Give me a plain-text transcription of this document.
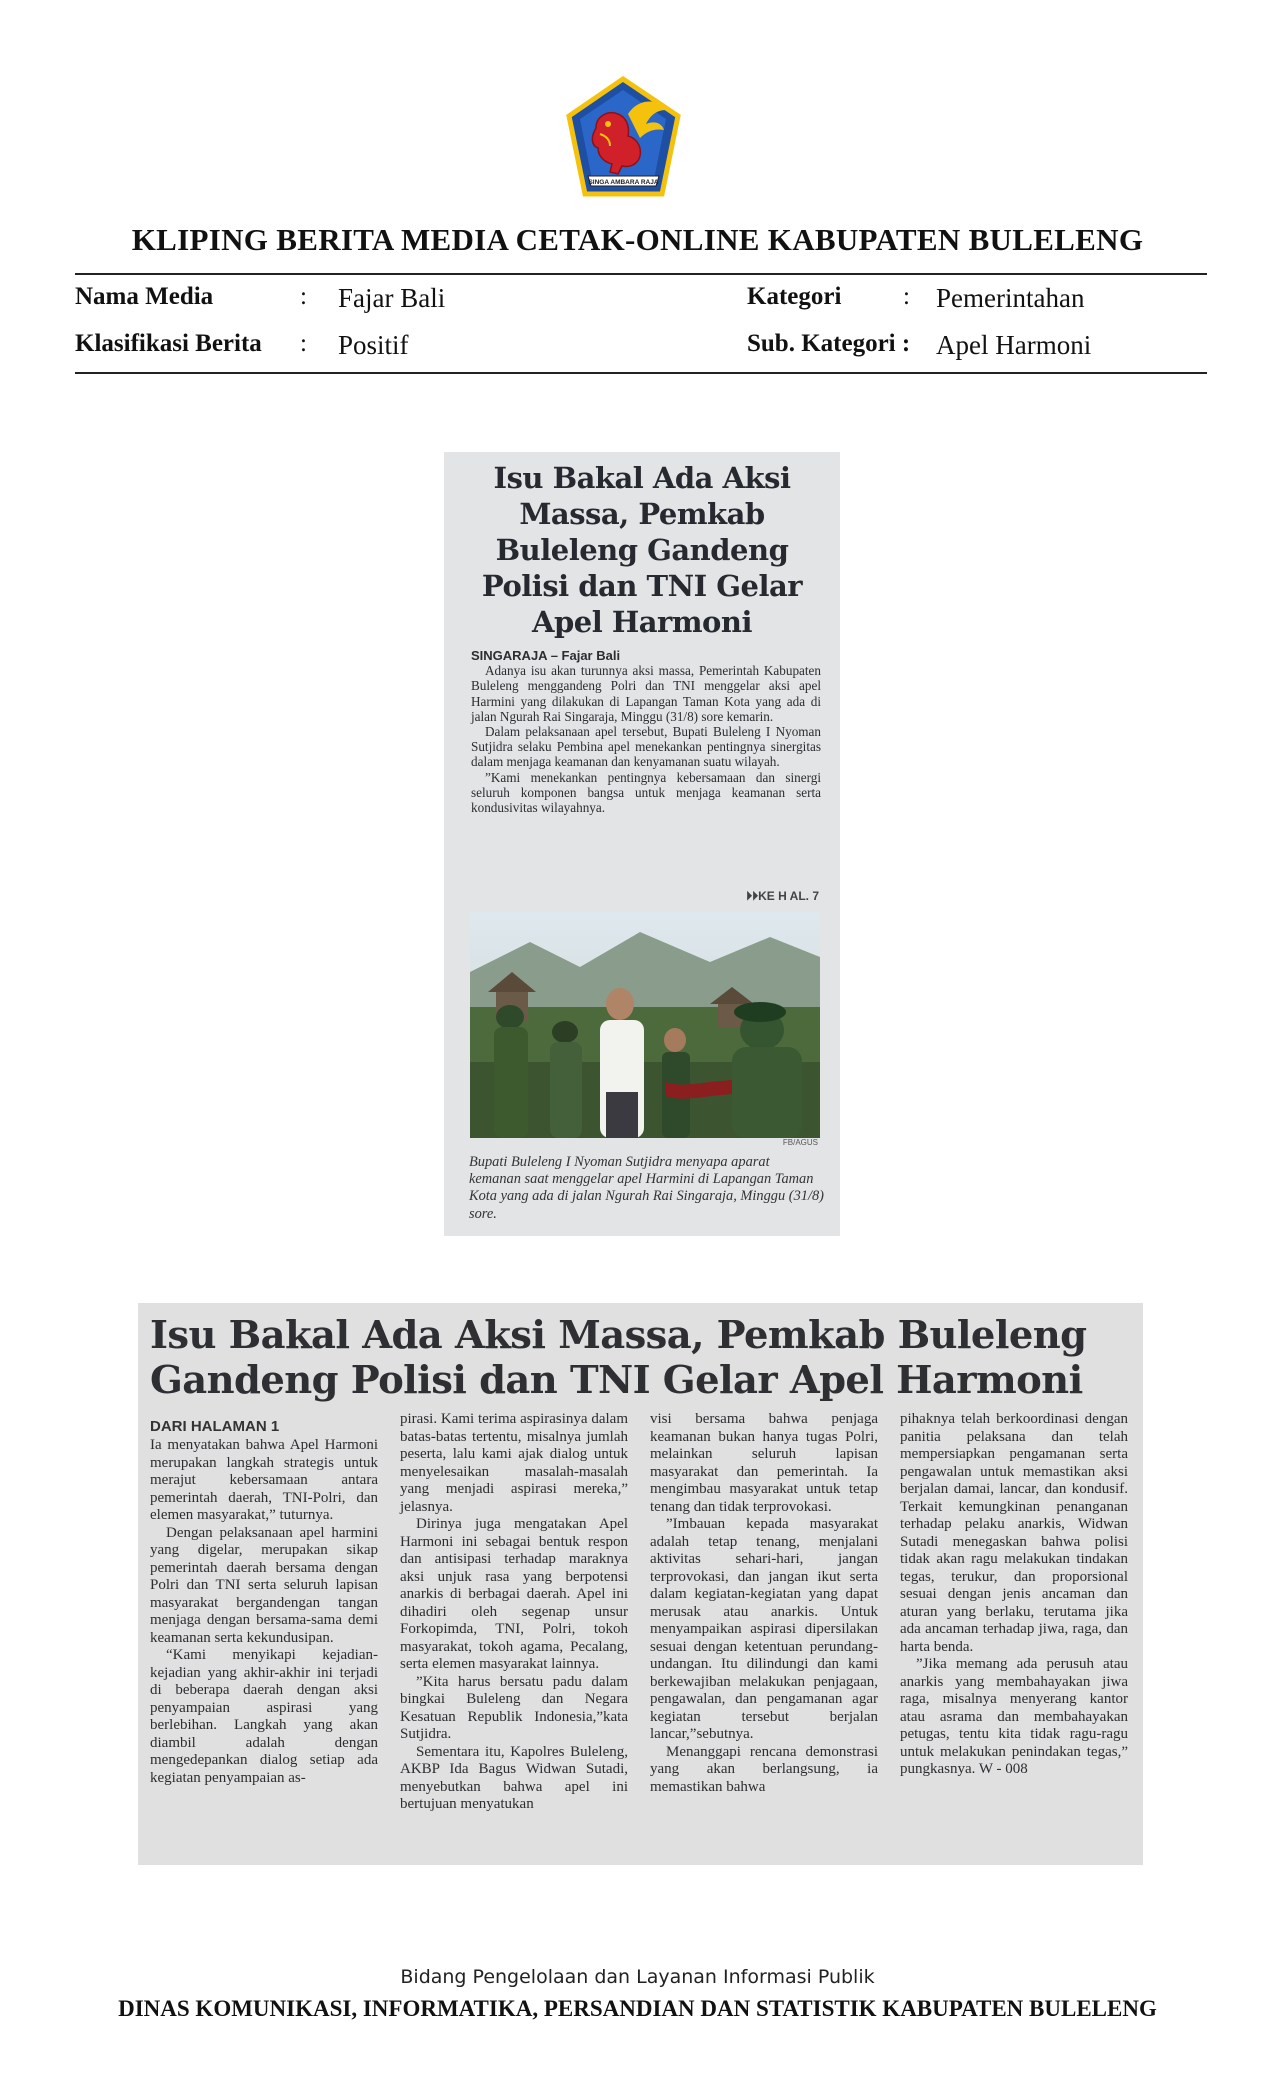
SINGA AMBARA RAJA
KLIPING BERITA MEDIA CETAK-ONLINE KABUPATEN BULELENG
Nama Media	: Fajar Bali	Kategori : Pemerintahan
Klasifikasi Berita : Positif	Sub. Kategori : Apel Harmoni
Isu Bakal Ada Aksi
Massa, Pemkab
Buleleng Gandeng
Polisi dan TNI Gelar
Apel Harmoni
SINGARAJA – Fajar Bali

Adanya isu akan turunnya aksi massa, Pemerintah Kabupaten Buleleng menggandeng Polri dan TNI menggelar aksi apel Harmini yang dilakukan di Lapangan Taman Kota yang ada di jalan Ngurah Rai Singaraja, Minggu (31/8) sore kemarin.

Dalam pelaksanaan apel tersebut, Bupati Buleleng I Nyoman Sutjidra selaku Pembina apel menekankan pentingnya sinergitas dalam menjaga keamanan dan kenyamanan suatu wilayah.

”Kami menekankan pentingnya kebersamaan dan sinergi seluruh komponen bangsa untuk menjaga keamanan serta kondusivitas wilayahnya.

⏵⏵KE H AL. 7
FB/AGUS
Bupati Buleleng I Nyoman Sutjidra menyapa aparat kemanan saat menggelar apel Harmini di Lapangan Taman Kota yang ada di jalan Ngurah Rai Singaraja, Minggu (31/8) sore.
Isu Bakal Ada Aksi Massa, Pemkab Buleleng
Gandeng Polisi dan TNI Gelar Apel Harmoni
DARI HALAMAN 1

Ia menyatakan bahwa Apel Harmoni merupakan langkah strategis untuk merajut kebersamaan antara pemerintah daerah, TNI-Polri, dan elemen masyarakat,” tuturnya.

Dengan pelaksanaan apel harmini yang digelar, merupakan sikap pemerintah daerah bersama dengan Polri dan TNI serta seluruh lapisan masyarakat bergandengan tangan menjaga dengan bersama-sama demi keamanan serta kekundusipan.

“Kami menyikapi kejadian-kejadian yang akhir-akhir ini terjadi di beberapa daerah dengan aksi penyampaian aspirasi yang berlebihan. Langkah yang akan diambil adalah dengan mengedepankan dialog setiap ada kegiatan penyampaian as-

pirasi. Kami terima aspirasinya dalam batas-batas tertentu, misalnya jumlah peserta, lalu kami ajak dialog untuk menyelesaikan masalah-masalah yang menjadi aspirasi mereka,” jelasnya.

Dirinya juga mengatakan Apel Harmoni ini sebagai bentuk respon dan antisipasi terhadap maraknya aksi unjuk rasa yang berpotensi anarkis di berbagai daerah. Apel ini dihadiri oleh segenap unsur Forkopimda, TNI, Polri, tokoh masyarakat, tokoh agama, Pecalang, serta elemen masyarakat lainnya.

”Kita harus bersatu padu dalam bingkai Buleleng dan Negara Kesatuan Republik Indonesia,”kata Sutjidra.

Sementara itu, Kapolres Buleleng, AKBP Ida Bagus Widwan Sutadi, menyebutkan bahwa apel ini bertujuan menyatukan

visi bersama bahwa penjaga keamanan bukan hanya tugas Polri, melainkan seluruh lapisan masyarakat dan pemerintah. Ia mengimbau masyarakat untuk tetap tenang dan tidak terprovokasi.

”Imbauan kepada masyarakat adalah tetap tenang, menjalani aktivitas sehari-hari, jangan terprovokasi, dan jangan ikut serta dalam kegiatan-kegiatan yang dapat merusak atau anarkis. Untuk menyampaikan aspirasi dipersilakan sesuai dengan ketentuan perundang-undangan. Itu dilindungi dan kami berkewajiban melakukan penjagaan, pengawalan, dan pengamanan agar kegiatan tersebut berjalan lancar,”sebutnya.

Menanggapi rencana demonstrasi yang akan berlangsung, ia memastikan bahwa

pihaknya telah berkoordinasi dengan panitia pelaksana dan telah mempersiapkan pengamanan serta pengawalan untuk memastikan aksi berjalan damai, lancar, dan kondusif. Terkait kemungkinan penanganan terhadap pelaku anarkis, Widwan Sutadi menegaskan bahwa polisi tidak akan ragu melakukan tindakan tegas, terukur, dan proporsional sesuai dengan jenis ancaman dan aturan yang berlaku, terutama jika ada ancaman terhadap jiwa, raga, dan harta benda.

”Jika memang ada perusuh atau anarkis yang membahayakan jiwa raga, misalnya menyerang kantor atau asrama dan membahayakan petugas, tentu kita tidak ragu-ragu untuk melakukan penindakan tegas,” pungkasnya. W - 008

Bidang Pengelolaan dan Layanan Informasi Publik
DINAS KOMUNIKASI, INFORMATIKA, PERSANDIAN DAN STATISTIK KABUPATEN BULELENG
